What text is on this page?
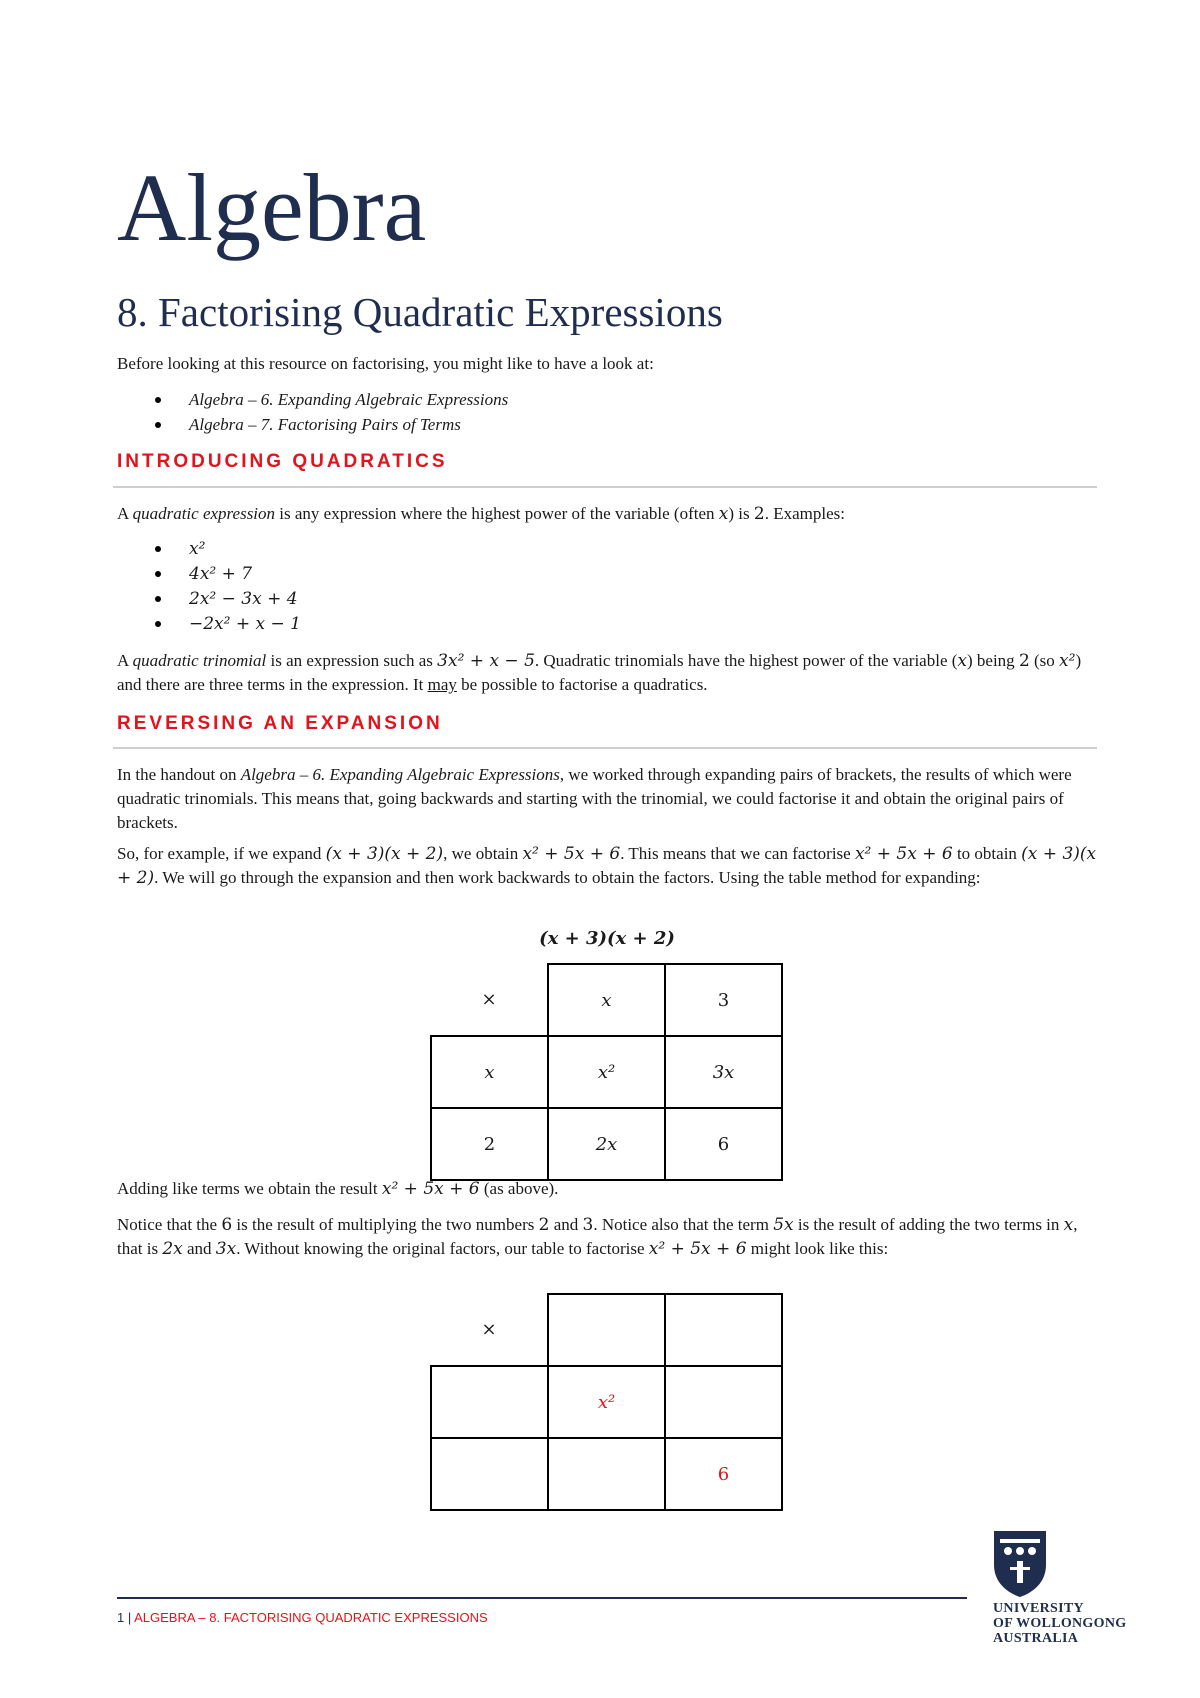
Algebra
8. Factorising Quadratic Expressions
Before looking at this resource on factorising, you might like to have a look at:
Algebra – 6. Expanding Algebraic Expressions
Algebra – 7. Factorising Pairs of Terms
INTRODUCING QUADRATICS
A quadratic expression is any expression where the highest power of the variable (often x) is 2. Examples:
x²
4x² + 7
2x² − 3x + 4
−2x² + x − 1
A quadratic trinomial is an expression such as 3x² + x − 5. Quadratic trinomials have the highest power of the variable (x) being 2 (so x²) and there are three terms in the expression. It may be possible to factorise a quadratics.
REVERSING AN EXPANSION
In the handout on Algebra – 6. Expanding Algebraic Expressions, we worked through expanding pairs of brackets, the results of which were quadratic trinomials. This means that, going backwards and starting with the trinomial, we could factorise it and obtain the original pairs of brackets.
So, for example, if we expand (x + 3)(x + 2), we obtain x² + 5x + 6. This means that we can factorise x² + 5x + 6 to obtain (x + 3)(x + 2). We will go through the expansion and then work backwards to obtain the factors. Using the table method for expanding:
(x + 3)(x + 2)
×	x	3
x	x²	3x
2	2x	6
Adding like terms we obtain the result x² + 5x + 6 (as above).
Notice that the 6 is the result of multiplying the two numbers 2 and 3. Notice also that the term 5x is the result of adding the two terms in x, that is 2x and 3x. Without knowing the original factors, our table to factorise x² + 5x + 6 might look like this:
×		
	x²	
		6
1 | ALGEBRA – 8. FACTORISING QUADRATIC EXPRESSIONS
UNIVERSITY
OF WOLLONGONG
AUSTRALIA
